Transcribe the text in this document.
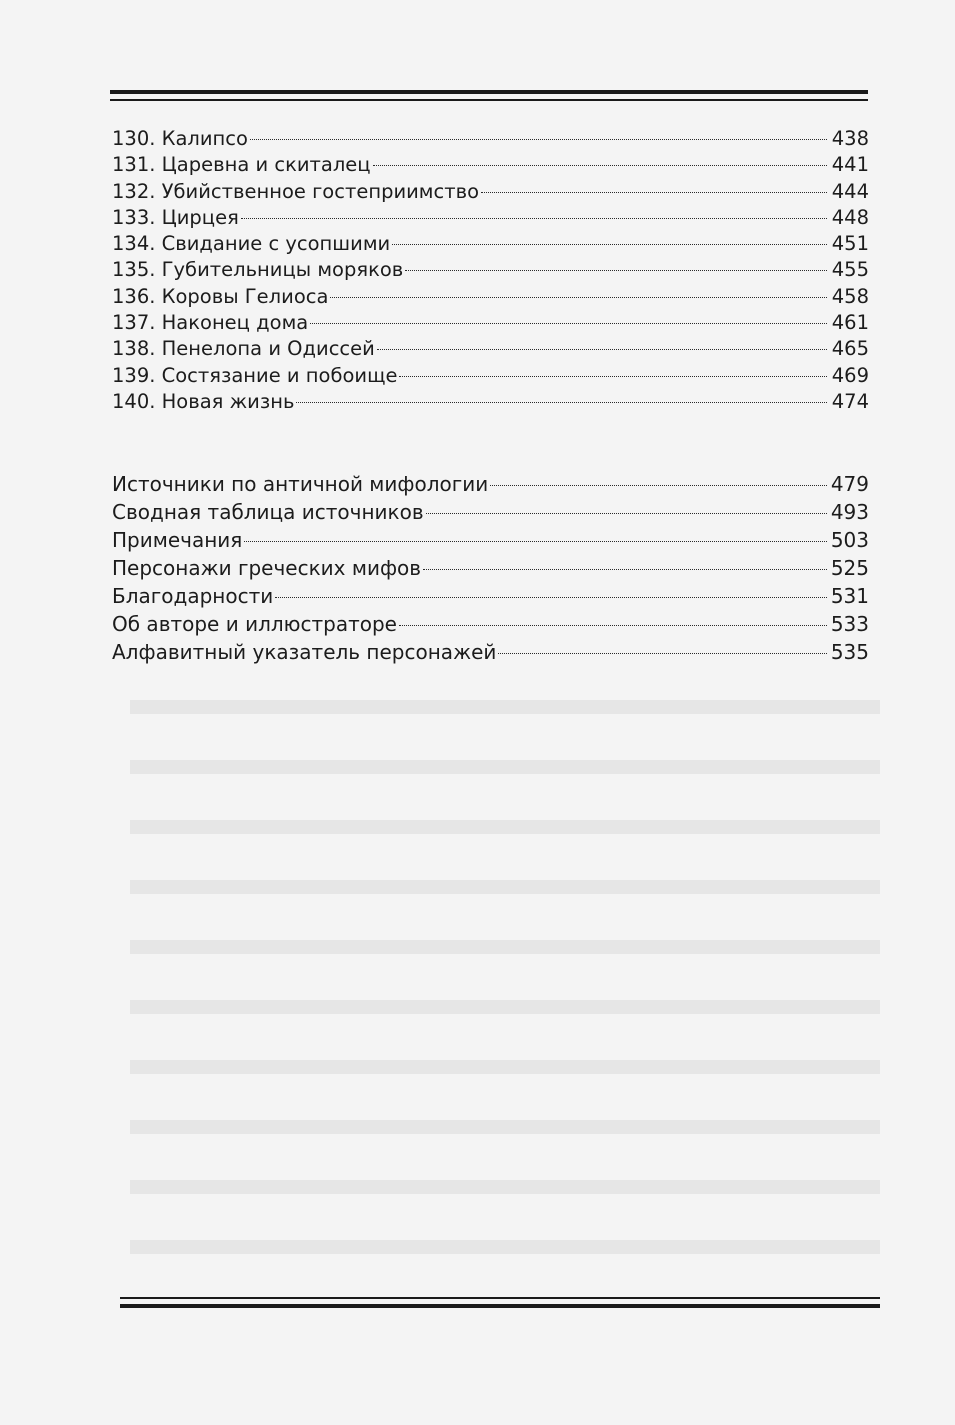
130. Калипсо	438
131. Царевна и скиталец	441
132. Убийственное гостеприимство	444
133. Цирцея	448
134. Свидание с усопшими	451
135. Губительницы моряков	455
136. Коровы Гелиоса	458
137. Наконец дома	461
138. Пенелопа и Одиссей	465
139. Состязание и побоище	469
140. Новая жизнь	474
Источники по античной мифологии	479
Сводная таблица источников	493
Примечания	503
Персонажи греческих мифов	525
Благодарности	531
Об авторе и иллюстраторе	533
Алфавитный указатель персонажей	535
